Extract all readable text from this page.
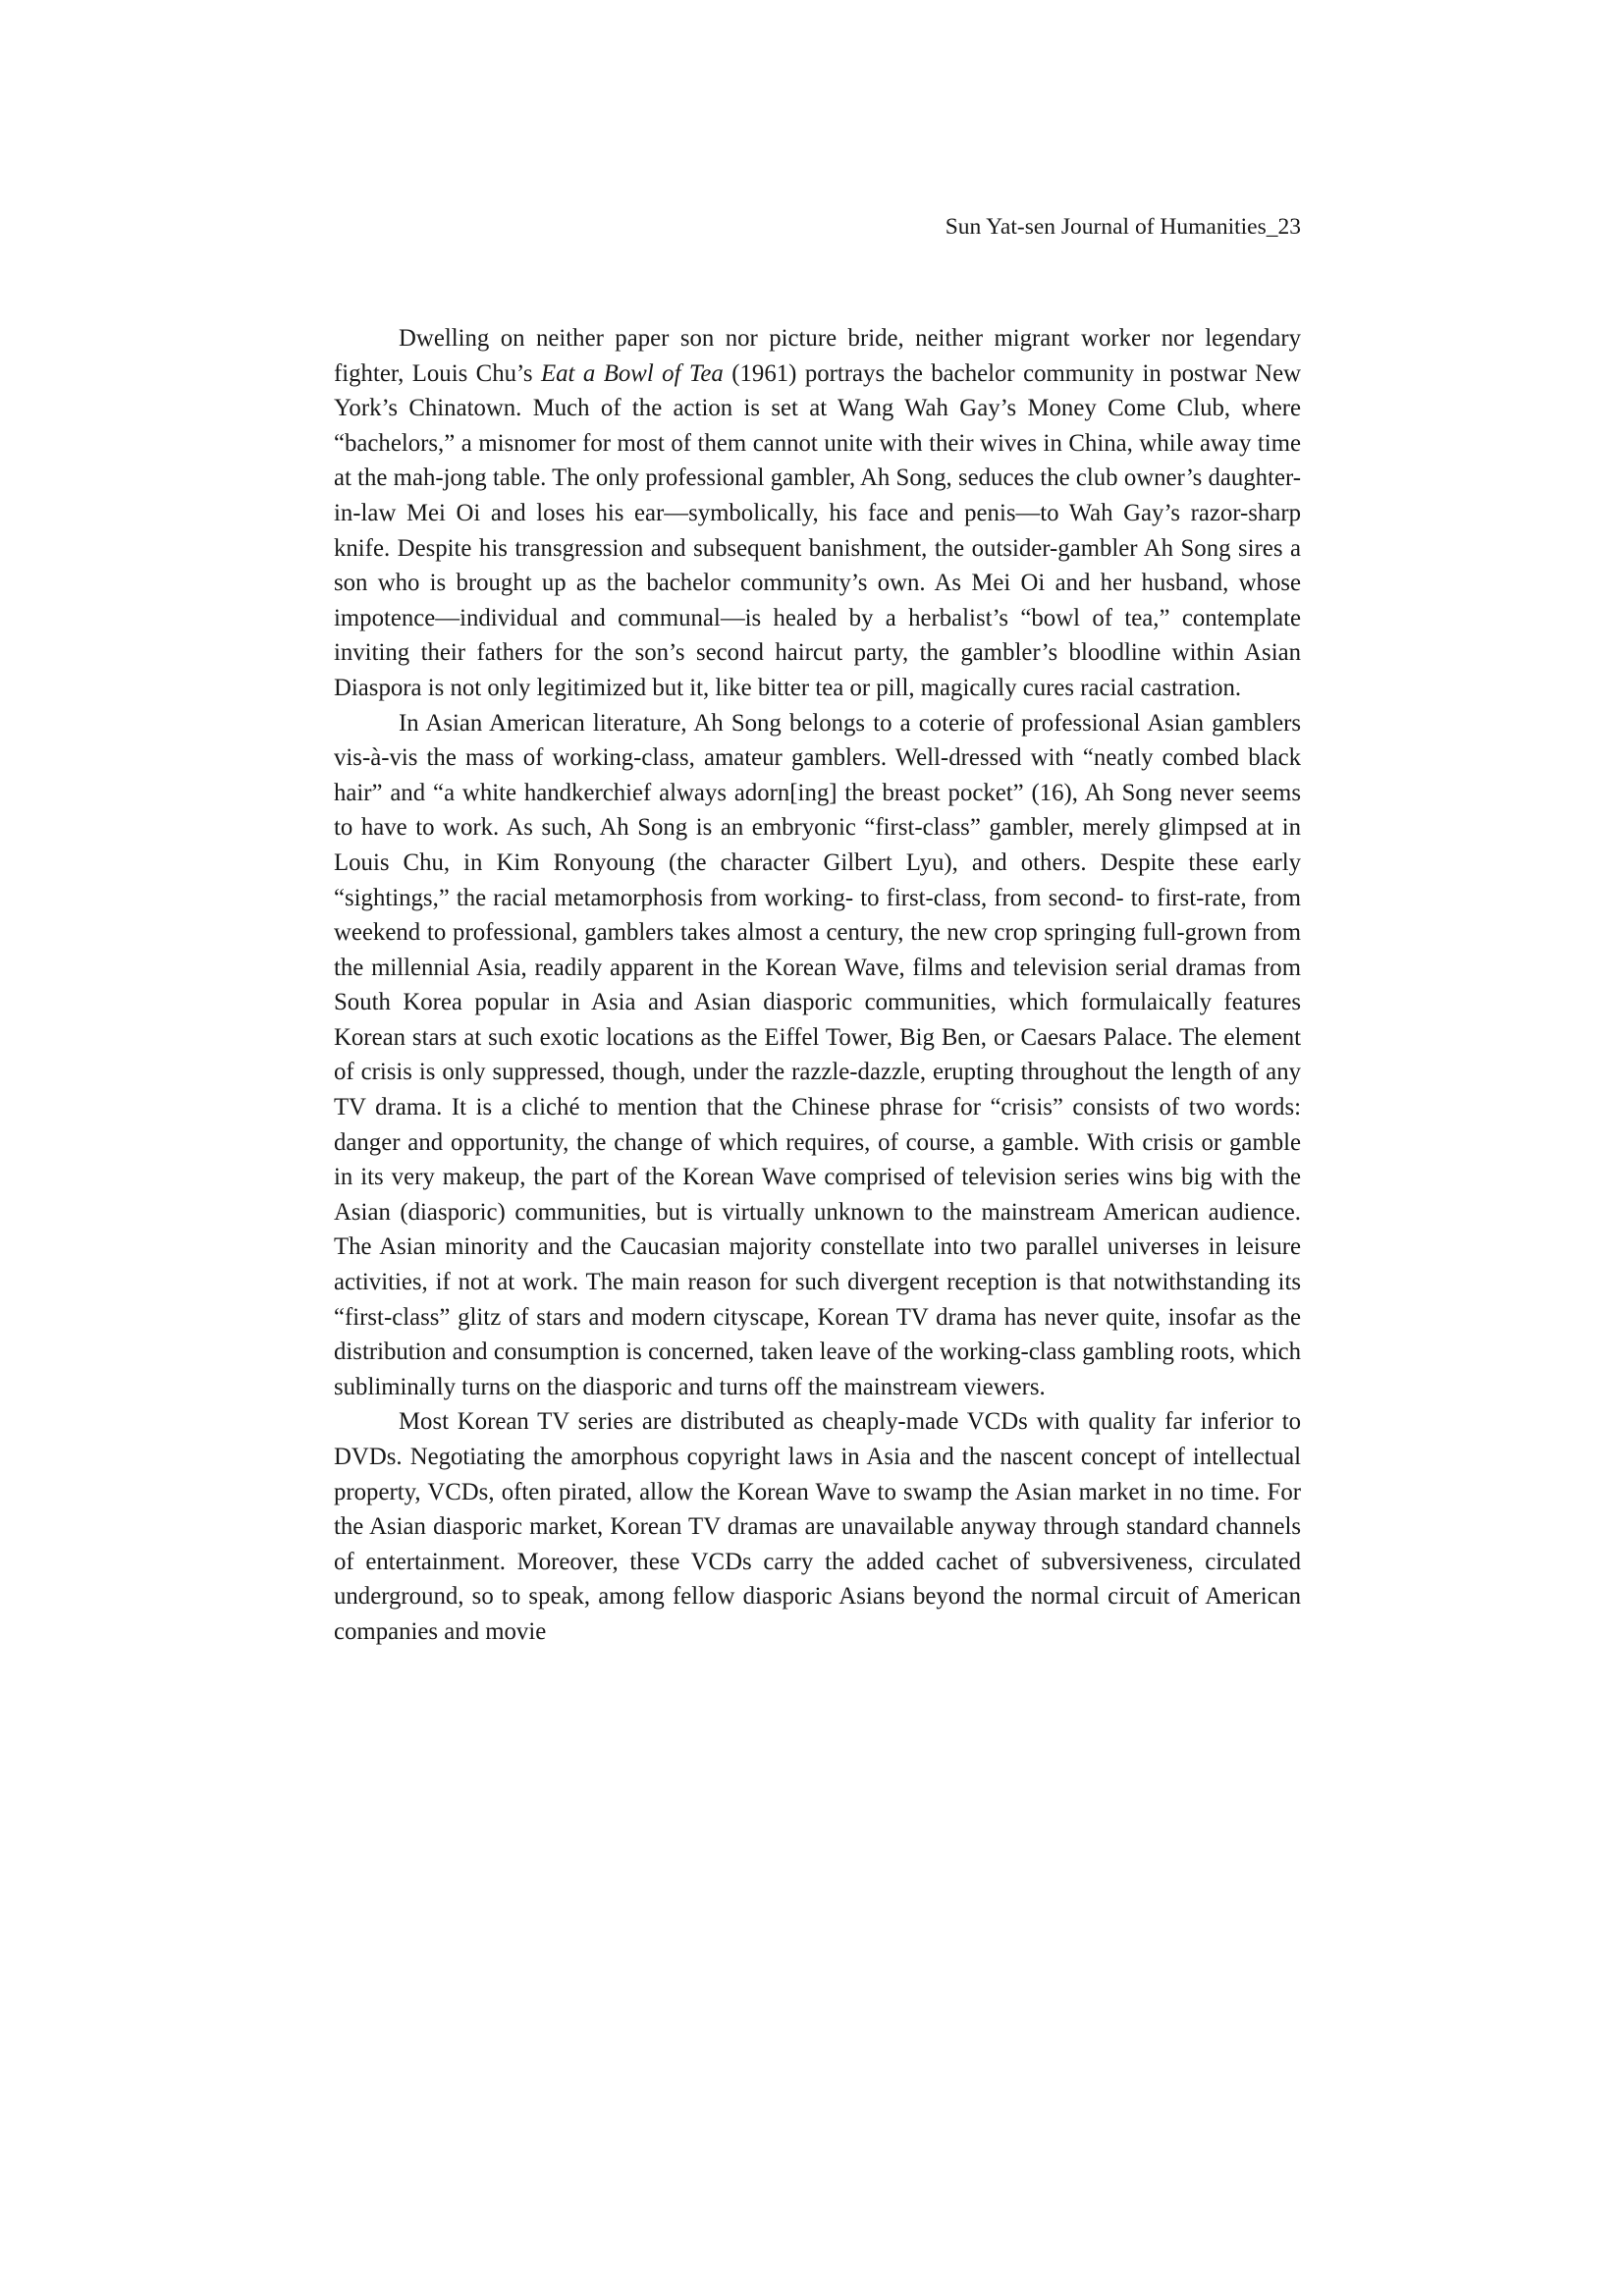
Sun Yat-sen Journal of Humanities_23

Dwelling on neither paper son nor picture bride, neither migrant worker nor legendary fighter, Louis Chu’s Eat a Bowl of Tea (1961) portrays the bachelor community in postwar New York’s Chinatown. Much of the action is set at Wang Wah Gay’s Money Come Club, where “bachelors,” a misnomer for most of them cannot unite with their wives in China, while away time at the mah-jong table. The only professional gambler, Ah Song, seduces the club owner’s daughter-in-law Mei Oi and loses his ear—symbolically, his face and penis—to Wah Gay’s razor-sharp knife. Despite his transgression and subsequent banishment, the outsider-gambler Ah Song sires a son who is brought up as the bachelor community’s own. As Mei Oi and her husband, whose impotence—individual and communal—is healed by a herbalist’s “bowl of tea,” contemplate inviting their fathers for the son’s second haircut party, the gambler’s bloodline within Asian Diaspora is not only legitimized but it, like bitter tea or pill, magically cures racial castration.

In Asian American literature, Ah Song belongs to a coterie of professional Asian gamblers vis-à-vis the mass of working-class, amateur gamblers. Well-dressed with “neatly combed black hair” and “a white handkerchief always adorn[ing] the breast pocket” (16), Ah Song never seems to have to work. As such, Ah Song is an embryonic “first-class” gambler, merely glimpsed at in Louis Chu, in Kim Ronyoung (the character Gilbert Lyu), and others. Despite these early “sightings,” the racial metamorphosis from working- to first-class, from second- to first-rate, from weekend to professional, gamblers takes almost a century, the new crop springing full-grown from the millennial Asia, readily apparent in the Korean Wave, films and television serial dramas from South Korea popular in Asia and Asian diasporic communities, which formulaically features Korean stars at such exotic locations as the Eiffel Tower, Big Ben, or Caesars Palace. The element of crisis is only suppressed, though, under the razzle-dazzle, erupting throughout the length of any TV drama. It is a cliché to mention that the Chinese phrase for “crisis” consists of two words: danger and opportunity, the change of which requires, of course, a gamble. With crisis or gamble in its very makeup, the part of the Korean Wave comprised of television series wins big with the Asian (diasporic) communities, but is virtually unknown to the mainstream American audience. The Asian minority and the Caucasian majority constellate into two parallel universes in leisure activities, if not at work. The main reason for such divergent reception is that notwithstanding its “first-class” glitz of stars and modern cityscape, Korean TV drama has never quite, insofar as the distribution and consumption is concerned, taken leave of the working-class gambling roots, which subliminally turns on the diasporic and turns off the mainstream viewers.

Most Korean TV series are distributed as cheaply-made VCDs with quality far inferior to DVDs. Negotiating the amorphous copyright laws in Asia and the nascent concept of intellectual property, VCDs, often pirated, allow the Korean Wave to swamp the Asian market in no time. For the Asian diasporic market, Korean TV dramas are unavailable anyway through standard channels of entertainment. Moreover, these VCDs carry the added cachet of subversiveness, circulated underground, so to speak, among fellow diasporic Asians beyond the normal circuit of American companies and movie
